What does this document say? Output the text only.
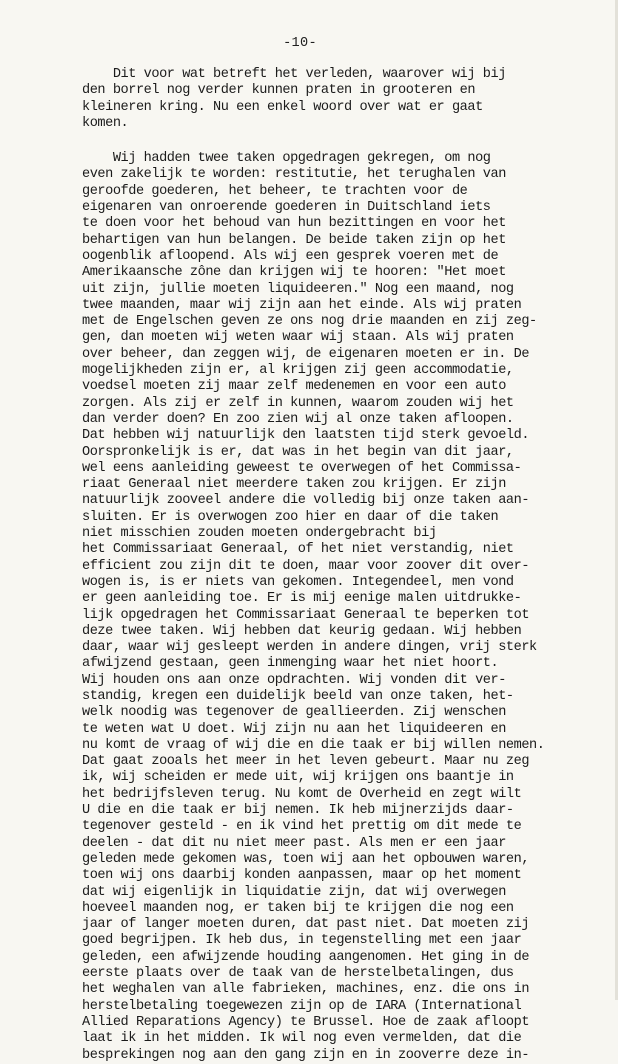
-10-

Dit voor wat betreft het verleden, waarover wij bij
den borrel nog verder kunnen praten in grooteren en
kleineren kring. Nu een enkel woord over wat er gaat
komen.

Wij hadden twee taken opgedragen gekregen, om nog
even zakelijk te worden: restitutie, het terughalen van
geroofde goederen, het beheer, te trachten voor de
eigenaren van onroerende goederen in Duitschland iets
te doen voor het behoud van hun bezittingen en voor het
behartigen van hun belangen. De beide taken zijn op het
oogenblik afloopend. Als wij een gesprek voeren met de
Amerikaansche zône dan krijgen wij te hooren: "Het moet
uit zijn, jullie moeten liquideeren." Nog een maand, nog
twee maanden, maar wij zijn aan het einde. Als wij praten
met de Engelschen geven ze ons nog drie maanden en zij zeg-
gen, dan moeten wij weten waar wij staan. Als wij praten
over beheer, dan zeggen wij, de eigenaren moeten er in. De
mogelijkheden zijn er, al krijgen zij geen accommodatie,
voedsel moeten zij maar zelf medenemen en voor een auto
zorgen. Als zij er zelf in kunnen, waarom zouden wij het
dan verder doen? En zoo zien wij al onze taken afloopen.
Dat hebben wij natuurlijk den laatsten tijd sterk gevoeld.
Oorspronkelijk is er, dat was in het begin van dit jaar,
wel eens aanleiding geweest te overwegen of het Commissa-
riaat Generaal niet meerdere taken zou krijgen. Er zijn
natuurlijk zooveel andere die volledig bij onze taken aan-
sluiten. Er is overwogen zoo hier en daar of die taken
niet misschien zouden moeten ondergebracht bij
het Commissariaat Generaal, of het niet verstandig, niet
efficient zou zijn dit te doen, maar voor zoover dit over-
wogen is, is er niets van gekomen. Integendeel, men vond
er geen aanleiding toe. Er is mij eenige malen uitdrukke-
lijk opgedragen het Commissariaat Generaal te beperken tot
deze twee taken. Wij hebben dat keurig gedaan. Wij hebben
daar, waar wij gesleept werden in andere dingen, vrij sterk
afwijzend gestaan, geen inmenging waar het niet hoort.
Wij houden ons aan onze opdrachten. Wij vonden dit ver-
standig, kregen een duidelijk beeld van onze taken, het-
welk noodig was tegenover de geallieerden. Zij wenschen
te weten wat U doet. Wij zijn nu aan het liquideeren en
nu komt de vraag of wij die en die taak er bij willen nemen.
Dat gaat zooals het meer in het leven gebeurt. Maar nu zeg
ik, wij scheiden er mede uit, wij krijgen ons baantje in
het bedrijfsleven terug. Nu komt de Overheid en zegt wilt
U die en die taak er bij nemen. Ik heb mijnerzijds daar-
tegenover gesteld - en ik vind het prettig om dit mede te
deelen - dat dit nu niet meer past. Als men er een jaar
geleden mede gekomen was, toen wij aan het opbouwen waren,
toen wij ons daarbij konden aanpassen, maar op het moment
dat wij eigenlijk in liquidatie zijn, dat wij overwegen
hoeveel maanden nog, er taken bij te krijgen die nog een
jaar of langer moeten duren, dat past niet. Dat moeten zij
goed begrijpen. Ik heb dus, in tegenstelling met een jaar
geleden, een afwijzende houding aangenomen. Het ging in de
eerste plaats over de taak van de herstelbetalingen, dus
het weghalen van alle fabrieken, machines, enz. die ons in
herstelbetaling toegewezen zijn op de IARA (International
Allied Reparations Agency) te Brussel. Hoe de zaak afloopt
laat ik in het midden. Ik wil nog even vermelden, dat die
besprekingen nog aan den gang zijn en in zooverre deze in-
